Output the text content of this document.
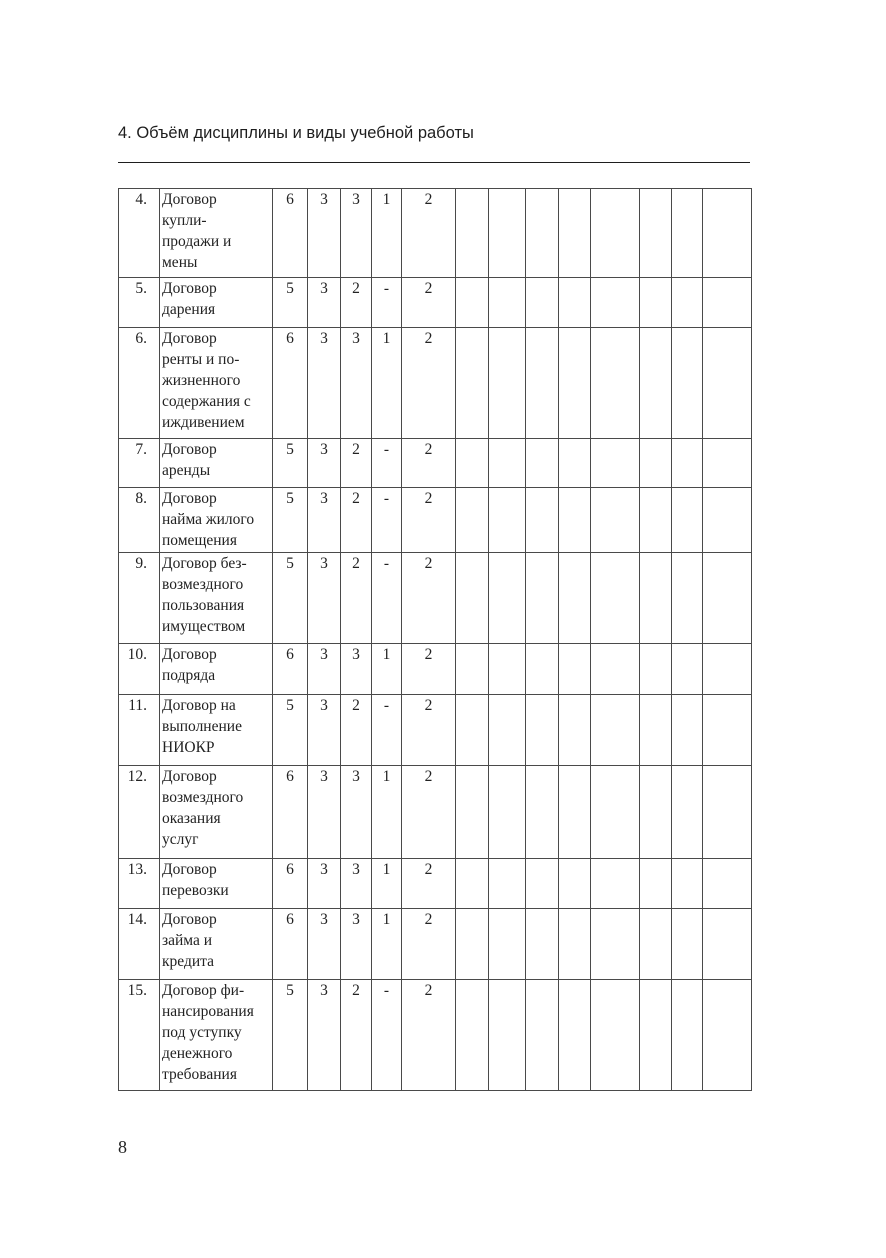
4. Объём дисциплины и виды учебной работы
4.	Договор
купли-
продажи и
мены	6	3	3	1	2								
5.	Договор
дарения	5	3	2	-	2								
6.	Договор
ренты и по-
жизненного
содержания с
иждивением	6	3	3	1	2								
7.	Договор
аренды	5	3	2	-	2								
8.	Договор
найма жилого
помещения	5	3	2	-	2								
9.	Договор без-
возмездного
пользования
имуществом	5	3	2	-	2								
10.	Договор
подряда	6	3	3	1	2								
11.	Договор на
выполнение
НИОКР	5	3	2	-	2								
12.	Договор
возмездного
оказания
услуг	6	3	3	1	2								
13.	Договор
перевозки	6	3	3	1	2								
14.	Договор
займа и
кредита	6	3	3	1	2								
15.	Договор фи-
нансирования
под уступку
денежного
требования	5	3	2	-	2								
8
